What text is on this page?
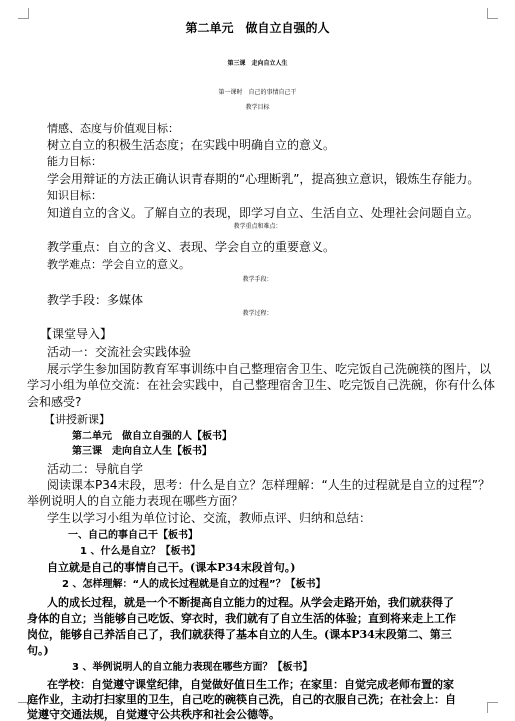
第二单元　做自立自强的人
第三课　走向自立人生
第一课时　自己的事情自己干
教学目标
情感、态度与价值观目标：
树立自立的积极生活态度；在实践中明确自立的意义。
能力目标：
学会用辩证的方法正确认识青春期的“心理断乳”，提高独立意识，锻炼生存能力。
知识目标：
知道自立的含义。了解自立的表现，即学习自立、生活自立、处理社会问题自立。
教学重点和难点：
教学重点：自立的含义、表现、学会自立的重要意义。
教学难点：学会自立的意义。
教学手段：
教学手段：多媒体
教学过程：
【课堂导入】
活动一：交流社会实践体验
展示学生参加国防教育军事训练中自己整理宿舍卫生、吃完饭自己洗碗筷的图片，以
学习小组为单位交流：在社会实践中，自己整理宿舍卫生、吃完饭自己洗碗，你有什么体
会和感受?
【讲授新课】
第二单元　做自立自强的人【板书】
第三课　走向自立人生【板书】
活动二：导航自学
阅读课本P34末段，思考：什么是自立？怎样理解：“人生的过程就是自立的过程”？
举例说明人的自立能力表现在哪些方面？
学生以学习小组为单位讨论、交流，教师点评、归纳和总结：
一、自己的事自己干【板书】
1 、什么是自立？【板书】
自立就是自己的事情自己干。(课本P34末段首句。)
2 、怎样理解：“人的成长过程就是自立的过程”？【板书】
人的成长过程，就是一个不断提高自立能力的过程。从学会走路开始，我们就获得了
身体的自立；当能够自己吃饭、穿衣时，我们就有了自立生活的体验；直到将来走上工作
岗位，能够自己养活自己了，我们就获得了基本自立的人生。(课本P34末段第二、第三
句。)
3 、举例说明人的自立能力表现在哪些方面？【板书】
在学校：自觉遵守课堂纪律，自觉做好值日生工作；在家里：自觉完成老师布置的家
庭作业，主动打扫家里的卫生，自己吃的碗筷自己洗，自己的衣服自己洗；在社会上：自
觉遵守交通法规，自觉遵守公共秩序和社会公德等。
